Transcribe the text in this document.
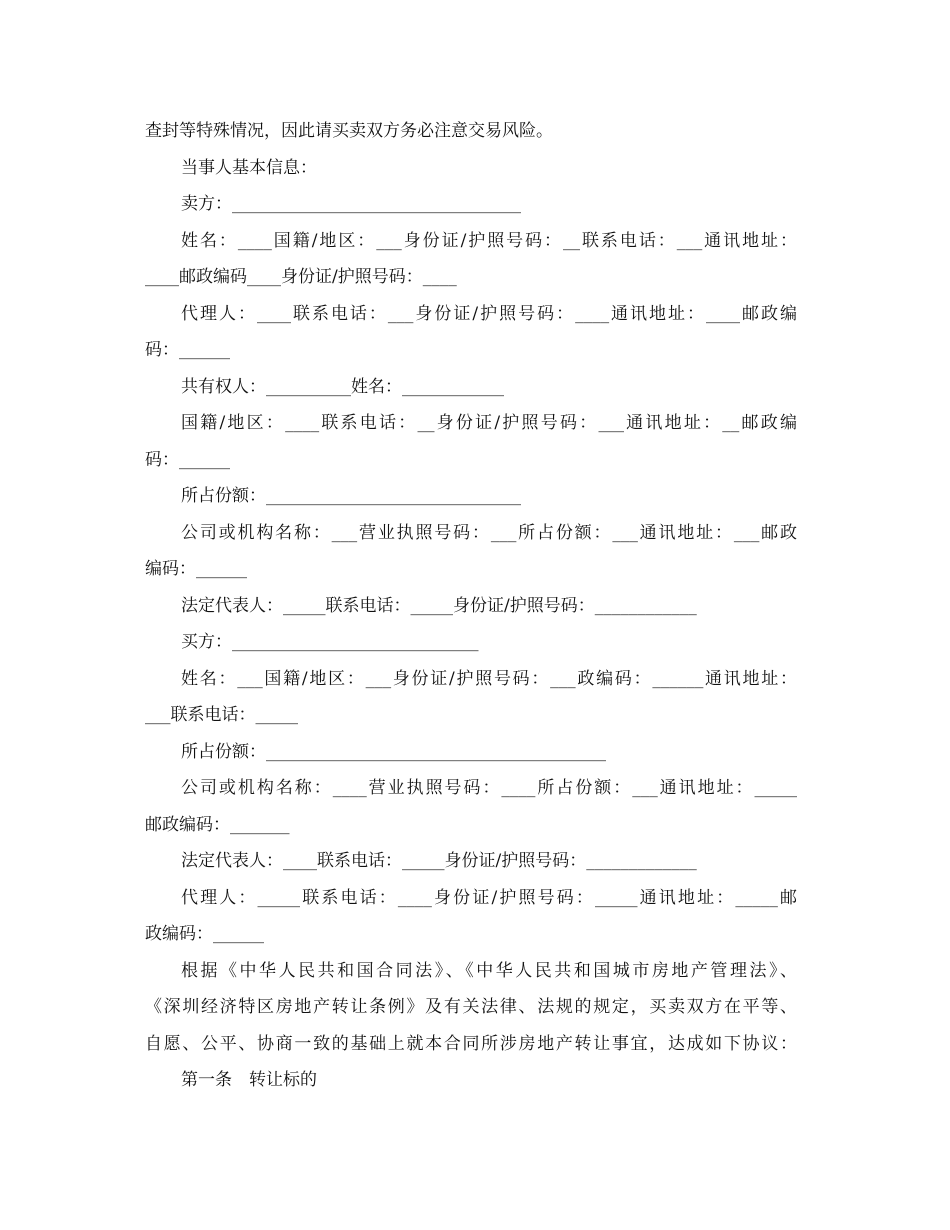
查封等特殊情况，因此请买卖双方务必注意交易风险。
当事人基本信息：
卖方：__________________________________
姓名：____国籍/地区：___身份证/护照号码：__联系电话：___通讯地址：
____邮政编码____身份证/护照号码：____
代理人：____联系电话：___身份证/护照号码：____通讯地址：____邮政编
码：______
共有权人：__________姓名：____________
国籍/地区：____联系电话：__身份证/护照号码：___通讯地址：__邮政编
码：______
所占份额：______________________________
公司或机构名称：___营业执照号码：___所占份额：___通讯地址：___邮政
编码：______
法定代表人：_____联系电话：_____身份证/护照号码：____________
买方：_____________________________
姓名：___国籍/地区：___身份证/护照号码：___政编码：______通讯地址：
___联系电话：_____
所占份额：________________________________________
公司或机构名称：____营业执照号码：____所占份额：___通讯地址：_____
邮政编码：_______
法定代表人：____联系电话：_____身份证/护照号码：_____________
代理人：_____联系电话：____身份证/护照号码：_____通讯地址：_____邮
政编码：______
根据《中华人民共和国合同法》、《中华人民共和国城市房地产管理法》、
《深圳经济特区房地产转让条例》及有关法律、法规的规定，买卖双方在平等、
自愿、公平、协商一致的基础上就本合同所涉房地产转让事宜，达成如下协议：
第一条　转让标的
